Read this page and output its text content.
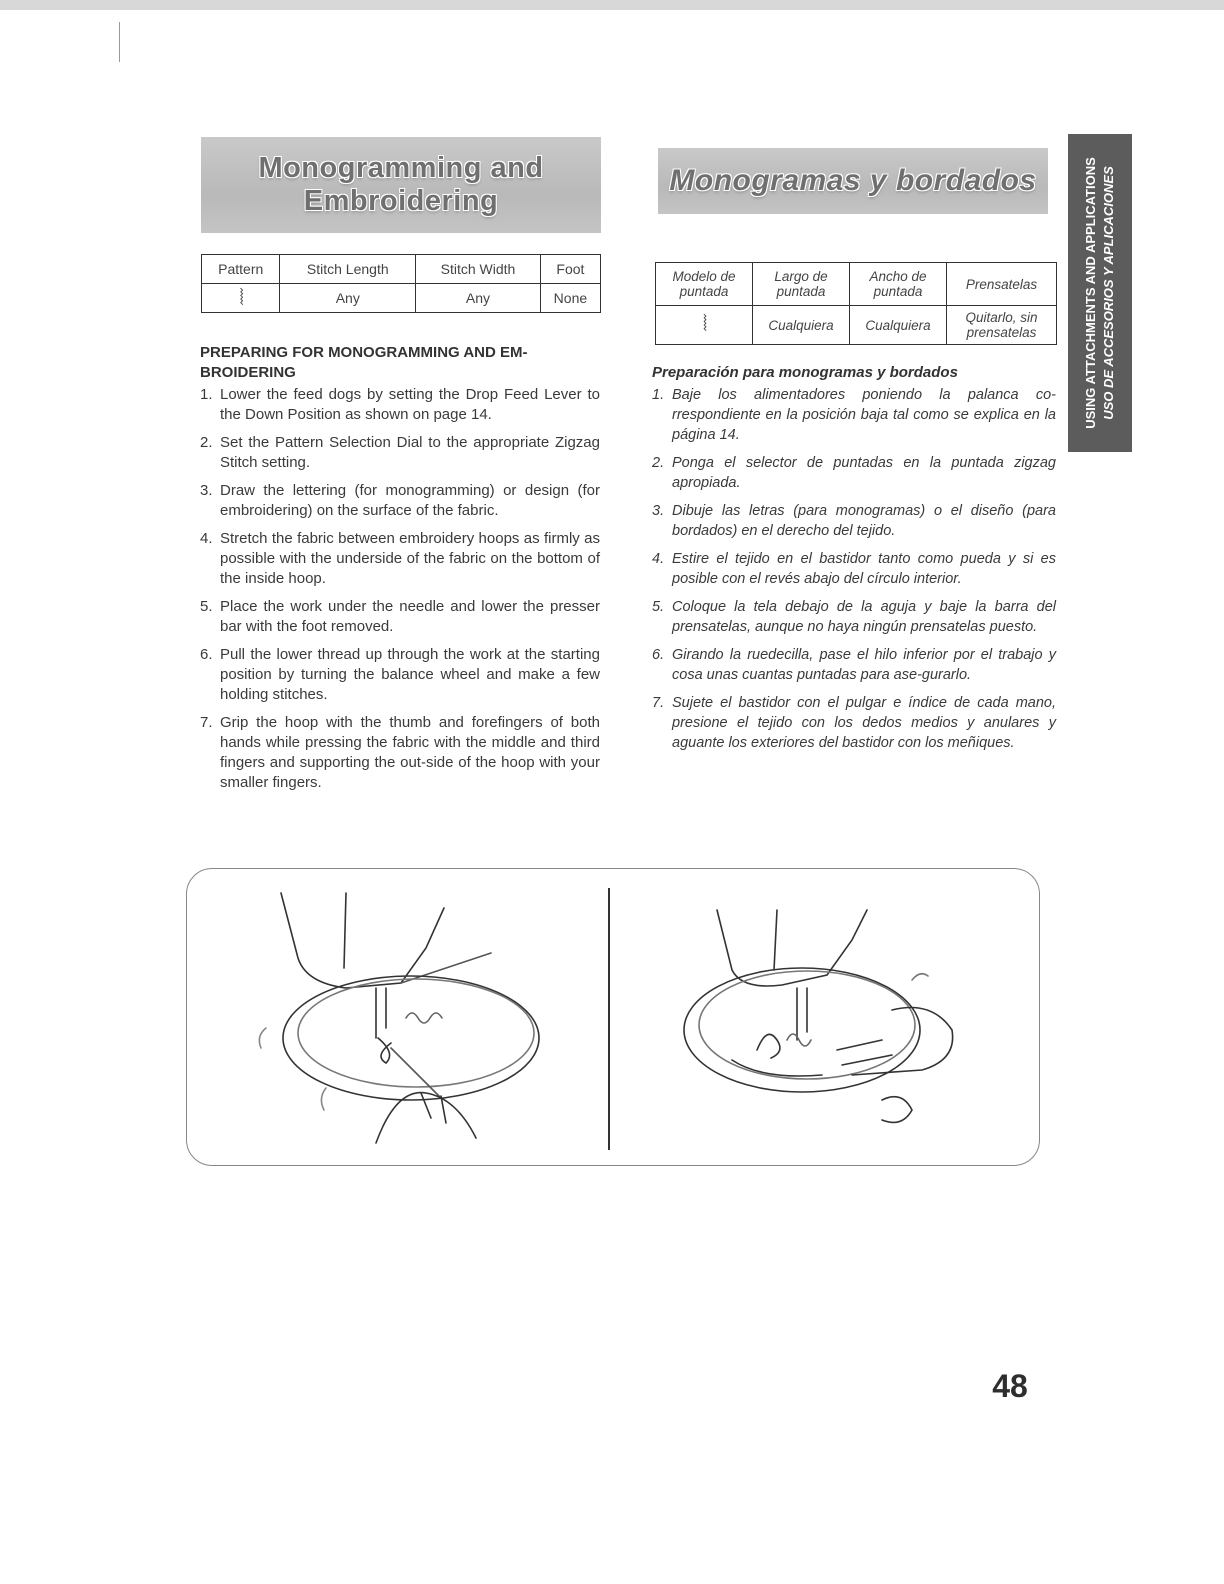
Monogramming and
Embroidering
Monogramas y bordados
Pattern	Stitch Length	Stitch Width	Foot
⦚	Any	Any	None
Modelo de puntada	Largo de puntada	Ancho de puntada	Prensatelas
⦚	Cualquiera	Cualquiera	Quitarlo, sin prensatelas
PREPARING FOR MONOGRAMMING AND EM-BROIDERING
1. Lower the feed dogs by setting the Drop Feed Lever to the Down Position as shown on page 14.
2. Set the Pattern Selection Dial to the appropriate Zigzag Stitch setting.
3. Draw the lettering (for monogramming) or design (for embroidering) on the surface of the fabric.
4. Stretch the fabric between embroidery hoops as firmly as possible with the underside of the fabric on the bottom of the inside hoop.
5. Place the work under the needle and lower the presser bar with the foot removed.
6. Pull the lower thread up through the work at the starting position by turning the balance wheel and make a few holding stitches.
7. Grip the hoop with the thumb and forefingers of both hands while pressing the fabric with the middle and third fingers and supporting the out-side of the hoop with your smaller fingers.
Preparación para monogramas y bordados
1. Baje los alimentadores poniendo la palanca co-rrespondiente en la posición baja tal como se explica en la página 14.
2. Ponga el selector de puntadas en la puntada zigzag apropiada.
3. Dibuje las letras (para monogramas) o el diseño (para bordados) en el derecho del tejido.
4. Estire el tejido en el bastidor tanto como pueda y si es posible con el revés abajo del círculo interior.
5. Coloque la tela debajo de la aguja y baje la barra del prensatelas, aunque no haya ningún prensatelas puesto.
6. Girando la ruedecilla, pase el hilo inferior por el trabajo y cosa unas cuantas puntadas para ase-gurarlo.
7. Sujete el bastidor con el pulgar e índice de cada mano, presione el tejido con los dedos medios y anulares y aguante los exteriores del bastidor con los meñiques.
USING ATTACHMENTS AND APPLICATIONS USO DE ACCESORIOS Y APLICACIONES
48
